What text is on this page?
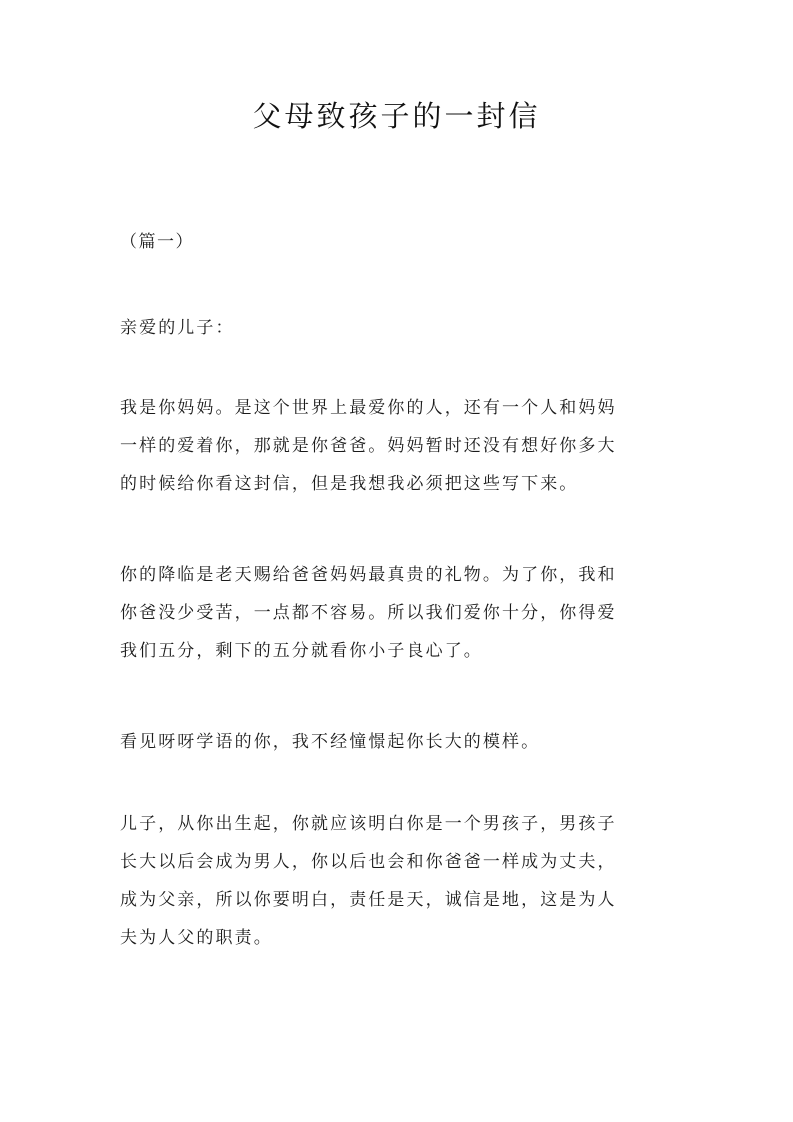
父母致孩子的一封信

（篇一）

亲爱的儿子：

我是你妈妈。是这个世界上最爱你的人，还有一个人和妈妈
一样的爱着你，那就是你爸爸。妈妈暂时还没有想好你多大
的时候给你看这封信，但是我想我必须把这些写下来。

你的降临是老天赐给爸爸妈妈最真贵的礼物。为了你，我和
你爸没少受苦，一点都不容易。所以我们爱你十分，你得爱
我们五分，剩下的五分就看你小子良心了。

看见呀呀学语的你，我不经憧憬起你长大的模样。

儿子，从你出生起，你就应该明白你是一个男孩子，男孩子
长大以后会成为男人，你以后也会和你爸爸一样成为丈夫，
成为父亲，所以你要明白，责任是天，诚信是地，这是为人
夫为人父的职责。
